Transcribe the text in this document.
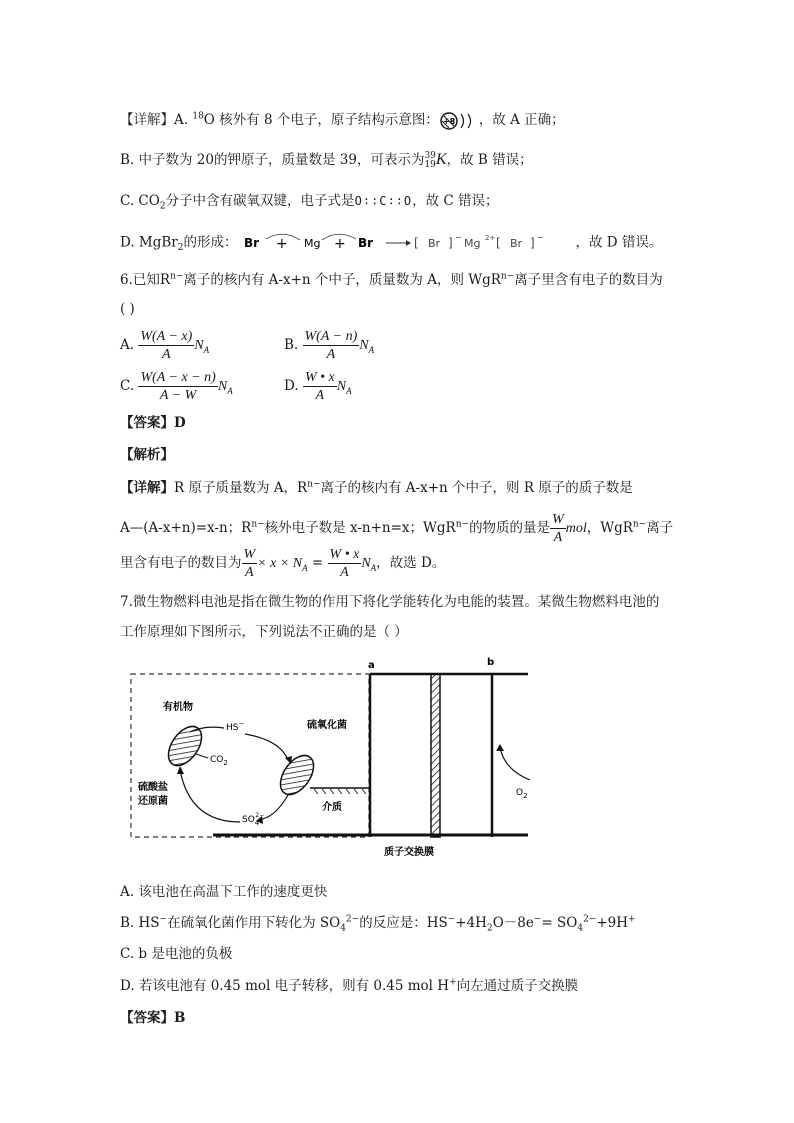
【详解】A. $^{18}$O 核外有 8 个电子，原子结构示意图： +8 ，故 A 正确；
B. 中子数为 20的钾原子，质量数是 39，可表示为 39
19 K，故 B 错误；
C. $CO_2$分子中含有碳氧双键，电子式是O∶∶C∶∶O，故 C 错误；
D. MgBr$_2$的形成： Br + Mg + Br	[ Br ] − Mg 2+ [ Br ] − ，故 D 错误。
6.已知$R^{n-}$离子的核内有 A-x+n 个中子，质量数为 A，则 WgR$^{n-}$离子里含有电子的数目为
( )
A. $\frac{W(A - x)}{A} N_A$	B. $\frac{W(A - n)}{A} N_A$
C. $\frac{W(A - x - n)}{A - W} N_A$	D. $\frac{W • x}{A} N_A$
【答案】D
【解析】
【详解】R 原子质量数为 A，$R^{n-}$离子的核内有 A-x+n 个中子，则 R 原子的质子数是
A—(A-x+n)=x-n；$R^{n-}$核外电子数是 x-n+n=x；WgR$^{n-}$的物质的量是 $\frac{W}{A}$ mol，WgR$^{n-}$离子
里含有电子的数目为 $\frac{W}{A} \times x \times N_A = \frac{W • x}{A} N_A$，故选 D。
7.微生物燃料电池是指在微生物的作用下将化学能转化为电能的装置。某微生物燃料电池的
工作原理如下图所示，下列说法不正确的是（ ）
a	b
质子交换膜
有机物
硫酸盐
还原菌
HS−
$CO_2$
硫氧化菌
介质
$SO_42-$
$O_2$
A. 该电池在高温下工作的速度更快
B. HS−在硫氧化菌作用下转化为 $SO_4^{2-}$的反应是：$HS^-+4H_2O-8e^-= SO_4^{2-}+9H^+$
C. b 是电池的负极
D. 若该电池有 0.45 mol 电子转移，则有 0.45 mol H+向左通过质子交换膜
【答案】B
